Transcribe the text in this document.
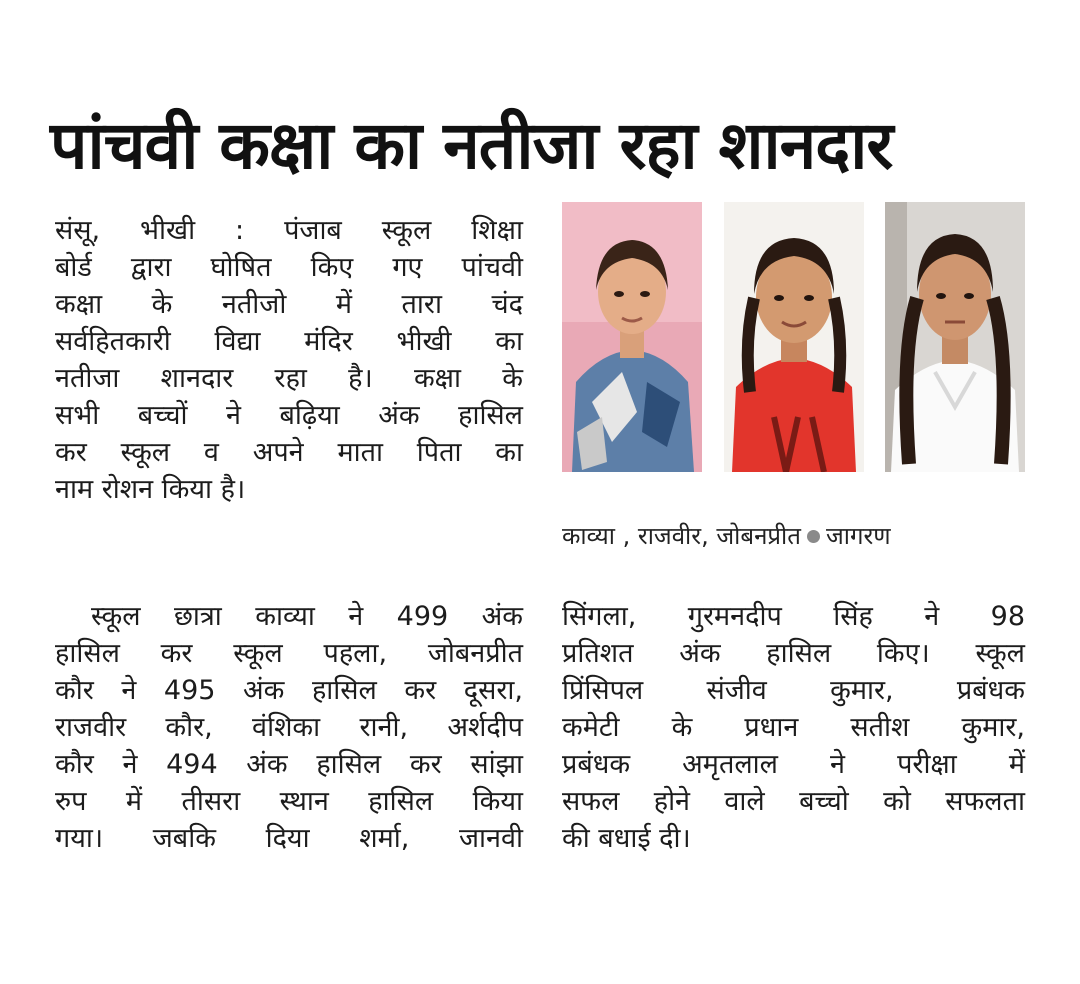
पांचवी कक्षा का नतीजा रहा शानदार

संसू, भीखी : पंजाब स्कूल शिक्षा

बोर्ड द्वारा घोषित किए गए पांचवी

कक्षा के नतीजो में तारा चंद

सर्वहितकारी विद्या मंदिर भीखी का

नतीजा शानदार रहा है। कक्षा के

सभी बच्चों ने बढ़िया अंक हासिल

कर स्कूल व अपने माता पिता का

नाम रोशन किया है।

स्कूल छात्रा काव्या ने 499 अंक

हासिल कर स्कूल पहला, जोबनप्रीत

कौर ने 495 अंक हासिल कर दूसरा,

राजवीर कौर, वंशिका रानी, अर्शदीप

कौर ने 494 अंक हासिल कर सांझा

रुप में तीसरा स्थान हासिल किया

गया। जबकि दिया शर्मा, जानवी

काव्या , राजवीर, जोबनप्रीत जागरण

सिंगला, गुरमनदीप सिंह ने 98

प्रतिशत अंक हासिल किए। स्कूल

प्रिंसिपल संजीव कुमार, प्रबंधक

कमेटी के प्रधान सतीश कुमार,

प्रबंधक अमृतलाल ने परीक्षा में

सफल होने वाले बच्चो को सफलता

की बधाई दी।
